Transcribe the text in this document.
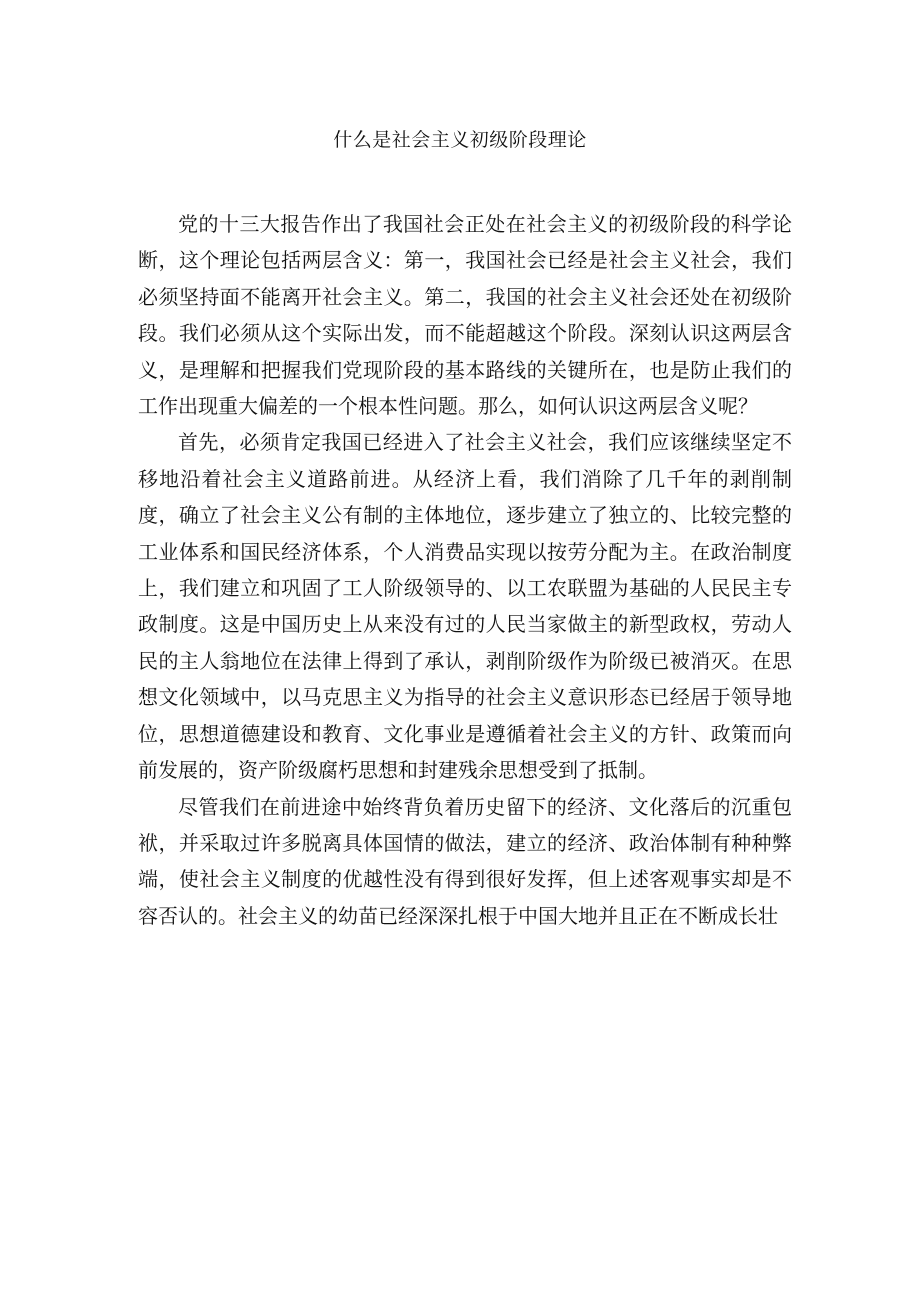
什么是社会主义初级阶段理论

党的十三大报告作出了我国社会正处在社会主义的初级阶段的科学论断，这个理论包括两层含义：第一，我国社会已经是社会主义社会，我们必须坚持面不能离开社会主义。第二，我国的社会主义社会还处在初级阶段。我们必须从这个实际出发，而不能超越这个阶段。深刻认识这两层含义，是理解和把握我们党现阶段的基本路线的关键所在，也是防止我们的工作出现重大偏差的一个根本性问题。那么，如何认识这两层含义呢？

首先，必须肯定我国已经进入了社会主义社会，我们应该继续坚定不移地沿着社会主义道路前进。从经济上看，我们消除了几千年的剥削制度，确立了社会主义公有制的主体地位，逐步建立了独立的、比较完整的工业体系和国民经济体系，个人消费品实现以按劳分配为主。在政治制度上，我们建立和巩固了工人阶级领导的、以工农联盟为基础的人民民主专政制度。这是中国历史上从来没有过的人民当家做主的新型政权，劳动人民的主人翁地位在法律上得到了承认，剥削阶级作为阶级已被消灭。在思想文化领域中，以马克思主义为指导的社会主义意识形态已经居于领导地位，思想道德建设和教育、文化事业是遵循着社会主义的方针、政策而向前发展的，资产阶级腐朽思想和封建残余思想受到了抵制。

尽管我们在前进途中始终背负着历史留下的经济、文化落后的沉重包袱，并采取过许多脱离具体国情的做法，建立的经济、政治体制有种种弊端，使社会主义制度的优越性没有得到很好发挥，但上述客观事实却是不容否认的。社会主义的幼苗已经深深扎根于中国大地并且正在不断成长壮
